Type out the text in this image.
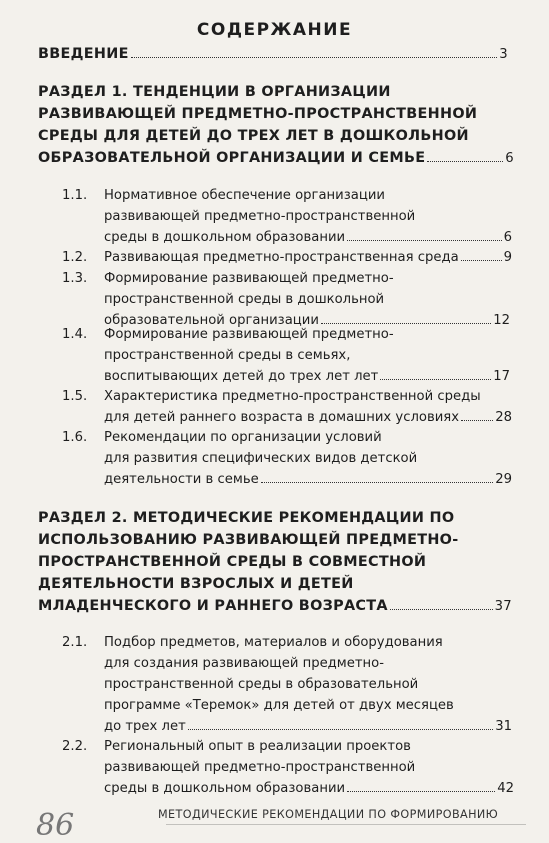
СОДЕРЖАНИЕ
ВВЕДЕНИЕ	3
РАЗДЕЛ 1. ТЕНДЕНЦИИ В ОРГАНИЗАЦИИ
РАЗВИВАЮЩЕЙ ПРЕДМЕТНО-ПРОСТРАНСТВЕННОЙ
СРЕДЫ ДЛЯ ДЕТЕЙ ДО ТРЕХ ЛЕТ В ДОШКОЛЬНОЙ
ОБРАЗОВАТЕЛЬНОЙ ОРГАНИЗАЦИИ И СЕМЬЕ	6
1.1. Нормативное обеспечение организации
развивающей предметно-пространственной
среды в дошкольном образовании	6
1.2. Развивающая предметно-пространственная среда	9
1.3. Формирование развивающей предметно-
пространственной среды в дошкольной
образовательной организации	12
1.4. Формирование развивающей предметно-
пространственной среды в семьях,
воспитывающих детей до трех лет лет	17
1.5. Характеристика предметно-пространственной среды
для детей раннего возраста в домашних условиях	28
1.6. Рекомендации по организации условий
для развития специфических видов детской
деятельности в семье	29
РАЗДЕЛ 2. МЕТОДИЧЕСКИЕ РЕКОМЕНДАЦИИ ПО
ИСПОЛЬЗОВАНИЮ РАЗВИВАЮЩЕЙ ПРЕДМЕТНО-
ПРОСТРАНСТВЕННОЙ СРЕДЫ В СОВМЕСТНОЙ
ДЕЯТЕЛЬНОСТИ ВЗРОСЛЫХ И ДЕТЕЙ
МЛАДЕНЧЕСКОГО И РАННЕГО ВОЗРАСТА	37
2.1. Подбор предметов, материалов и оборудования
для создания развивающей предметно-
пространственной среды в образовательной
программе «Теремок» для детей от двух месяцев
до трех лет	31
2.2. Региональный опыт в реализации проектов
развивающей предметно-пространственной
среды в дошкольном образовании	42
86	МЕТОДИЧЕСКИЕ РЕКОМЕНДАЦИИ ПО ФОРМИРОВАНИЮ
